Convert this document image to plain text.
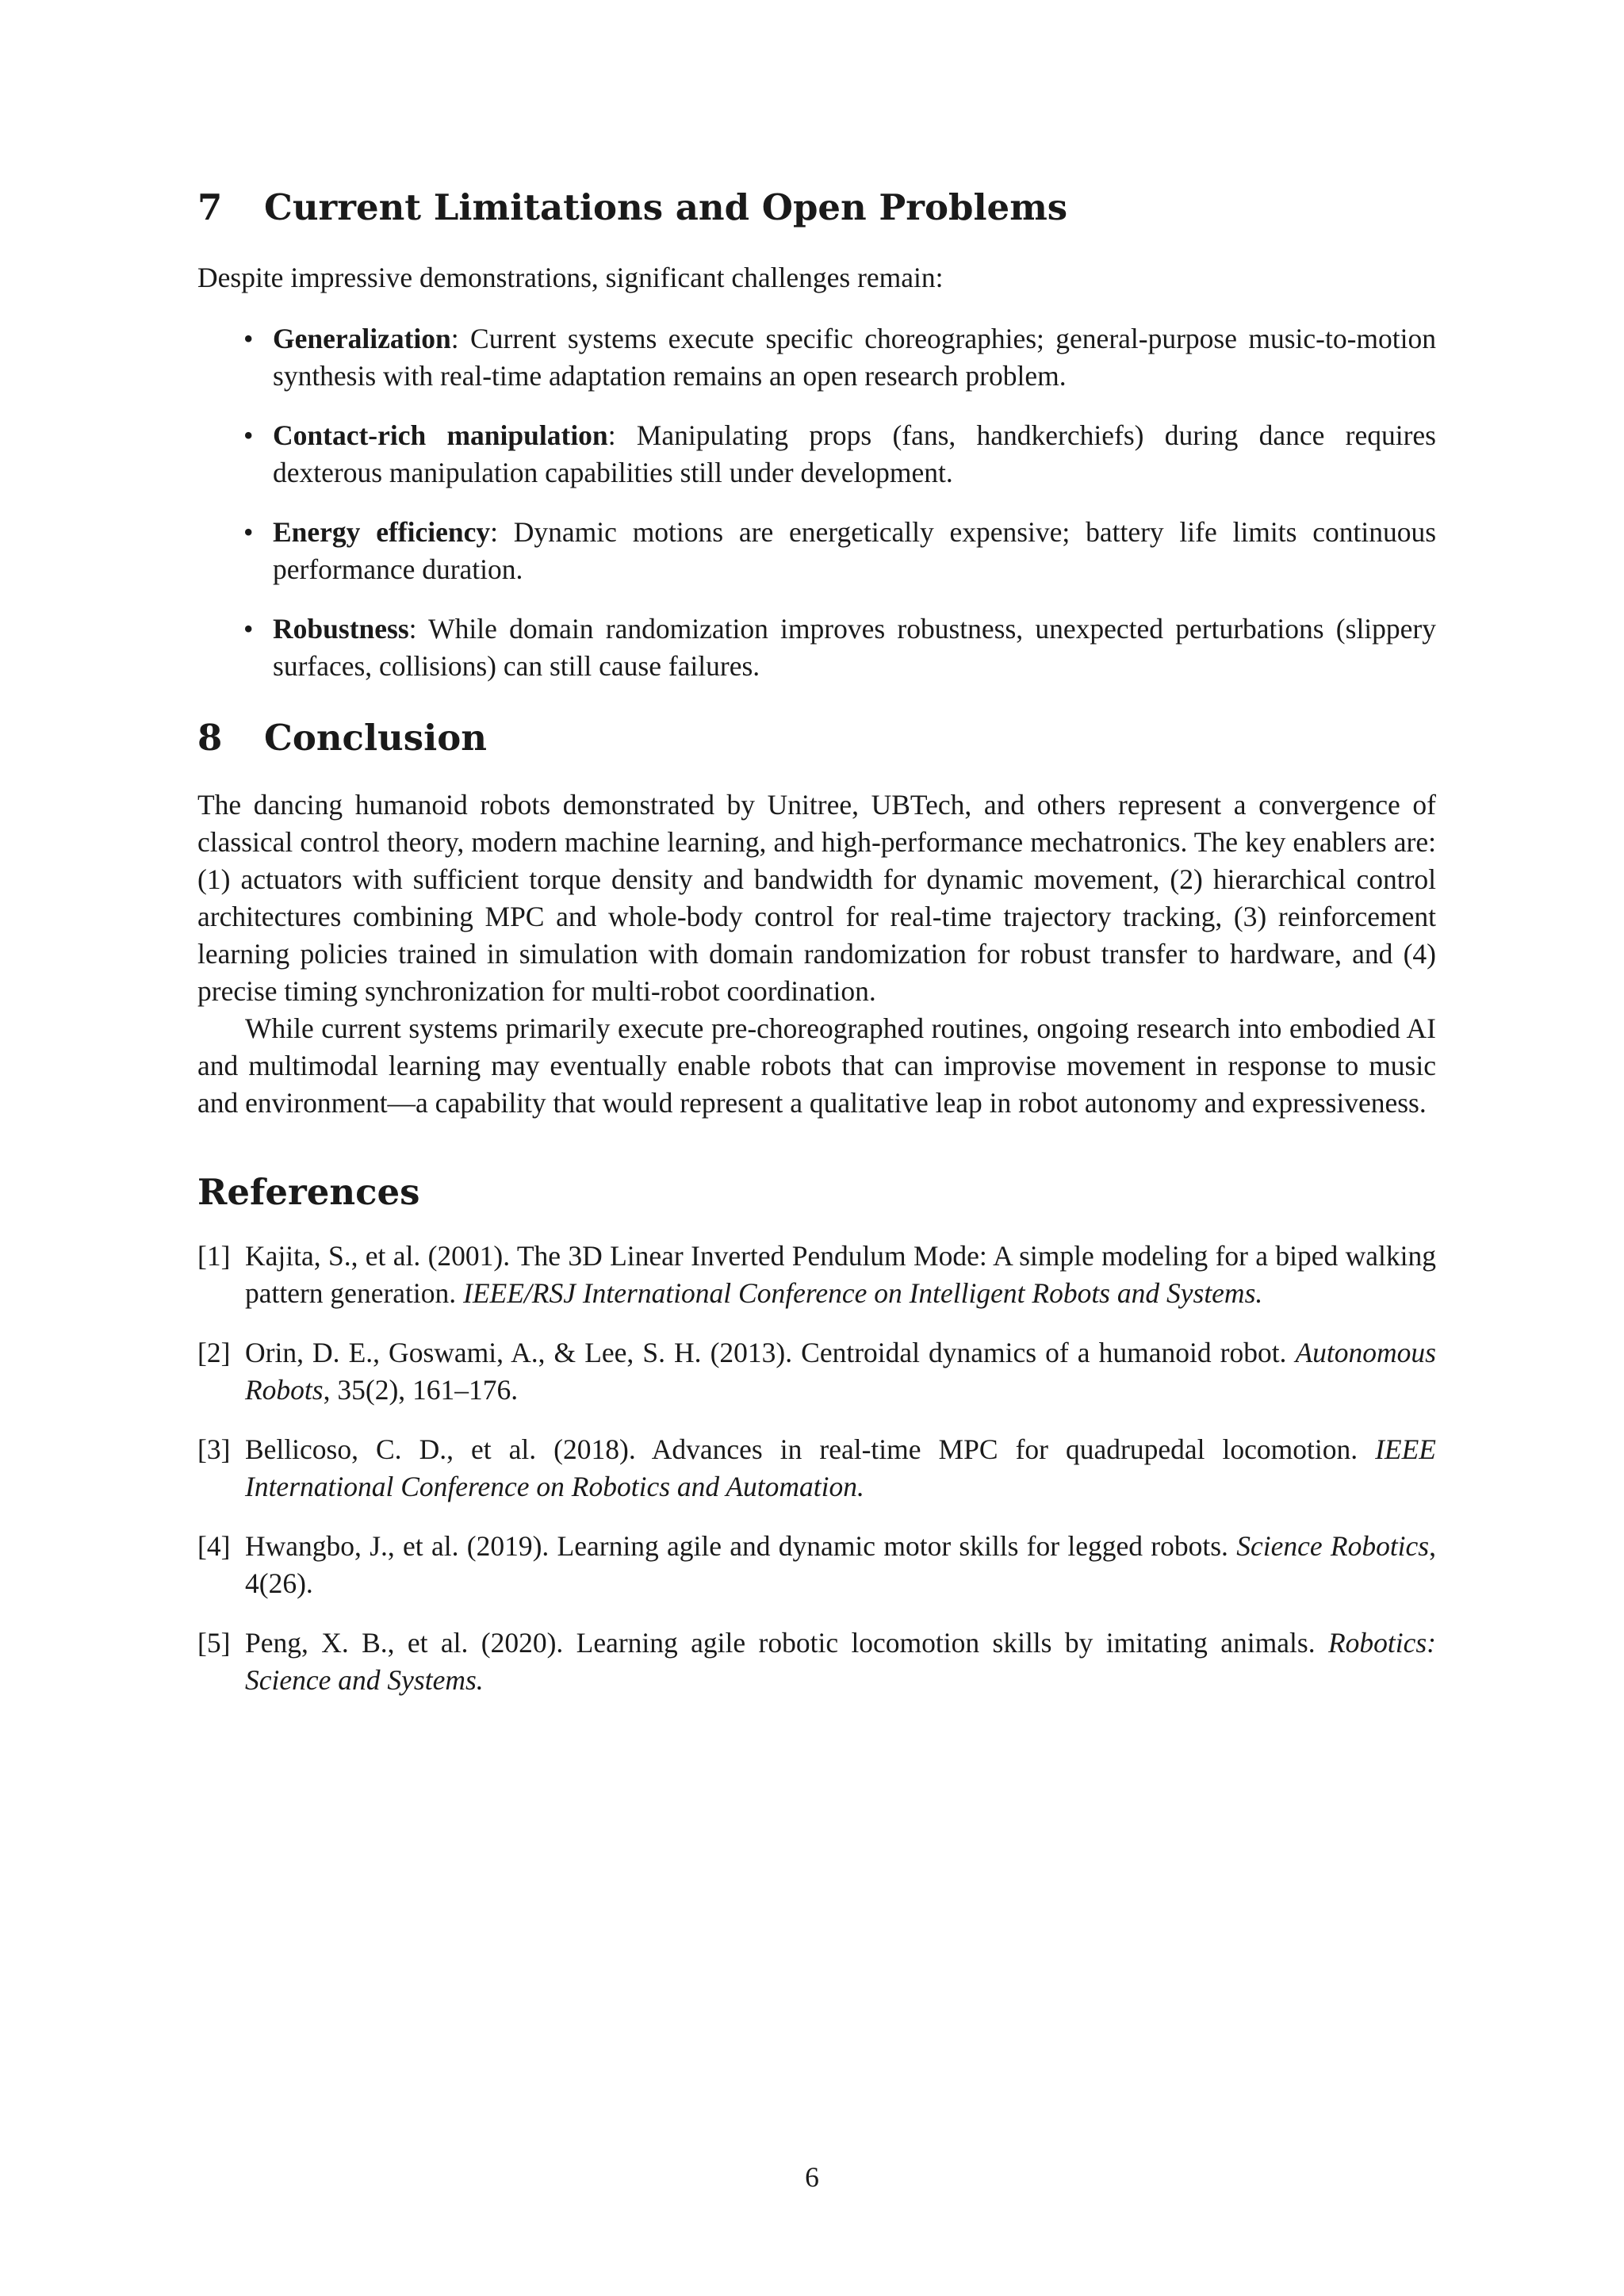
7	Current Limitations and Open Problems

Despite impressive demonstrations, significant challenges remain:

• Generalization: Current systems execute specific choreographies; general-purpose music-to-motion synthesis with real-time adaptation remains an open research problem.
• Contact-rich manipulation: Manipulating props (fans, handkerchiefs) during dance requires dexterous manipulation capabilities still under development.
• Energy efficiency: Dynamic motions are energetically expensive; battery life limits continuous performance duration.
• Robustness: While domain randomization improves robustness, unexpected perturbations (slippery surfaces, collisions) can still cause failures.
8	Conclusion

The dancing humanoid robots demonstrated by Unitree, UBTech, and others represent a convergence of classical control theory, modern machine learning, and high-performance mechatronics. The key enablers are: (1) actuators with sufficient torque density and bandwidth for dynamic movement, (2) hierarchical control architectures combining MPC and whole-body control for real-time trajectory tracking, (3) reinforcement learning policies trained in simulation with domain randomization for robust transfer to hardware, and (4) precise timing synchronization for multi-robot coordination.

While current systems primarily execute pre-choreographed routines, ongoing research into embodied AI and multimodal learning may eventually enable robots that can improvise movement in response to music and environment—a capability that would represent a qualitative leap in robot autonomy and expressiveness.

References
[1] Kajita, S., et al. (2001). The 3D Linear Inverted Pendulum Mode: A simple modeling for a biped walking pattern generation. IEEE/RSJ International Conference on Intelligent Robots and Systems.
[2] Orin, D. E., Goswami, A., & Lee, S. H. (2013). Centroidal dynamics of a humanoid robot. Autonomous Robots, 35(2), 161–176.
[3] Bellicoso, C. D., et al. (2018). Advances in real-time MPC for quadrupedal locomotion. IEEE International Conference on Robotics and Automation.
[4] Hwangbo, J., et al. (2019). Learning agile and dynamic motor skills for legged robots. Science Robotics, 4(26).
[5] Peng, X. B., et al. (2020). Learning agile robotic locomotion skills by imitating animals. Robotics: Science and Systems.
6
